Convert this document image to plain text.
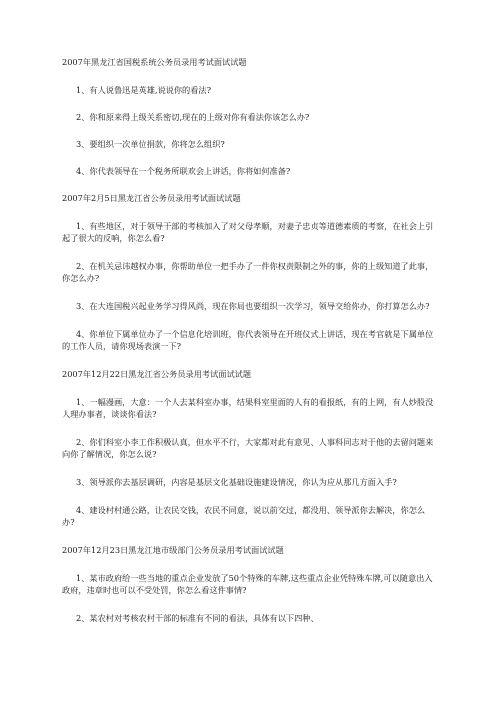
2007年黑龙江省国税系统公务员录用考试面试试题

1、有人说鲁迅是英雄,说说你的看法?

2、你和原来得上级关系密切,现在的上级对你有看法你该怎么办?

3、要组织一次单位捐款，你将怎么组织?

4、你代表领导在一个税务所联欢会上讲话，你将如何准备?

2007年2月5日黑龙江省公务员录用考试面试试题

1、有些地区，对于领导干部的考核加入了对父母孝顺，对妻子忠贞等道德素质的考察，在社会上引起了很大的反响，你怎么看?

2、在机关忌讳越权办事，你帮助单位一把手办了一件你权责限制之外的事，你的上级知道了此事，你怎么办?

3、在大连国税兴起业务学习得风尚，现在你局也要组织一次学习，领导交给你办，你打算怎么办?

4、你单位下属单位办了一个信息化培训班，你代表领导在开班仪式上讲话，现在考官就是下属单位的工作人员，请你现场表演一下?

2007年12月22日黑龙江省公务员录用考试面试试题

1、一幅漫画，大意：一个人去某科室办事，结果科室里面的人有的看报纸，有的上网，有人炒股没人理办事者，谈谈你看法?

2、你们科室小李工作积极认真，但水平不行，大家都对此有意见、人事科同志对于他的去留问题来向你了解情况，你怎么说?

3、领导派你去基层调研，内容是基层文化基础设施建设情况，你认为应从那几方面入手?

4、建设村村通公路，让农民交钱，农民不同意，说以前交过，都没用、领导派你去解决，你怎么办?

2007年12月23日黑龙江地市级部门公务员录用考试面试试题

1、某市政府给一些当地的重点企业发放了50个特殊的车牌,这些重点企业凭特殊车牌,可以随意出入政府，违章时也可以不受处罚，你怎么看这件事情?

2、某农村对考核农村干部的标准有不同的看法，具体有以下四种、
